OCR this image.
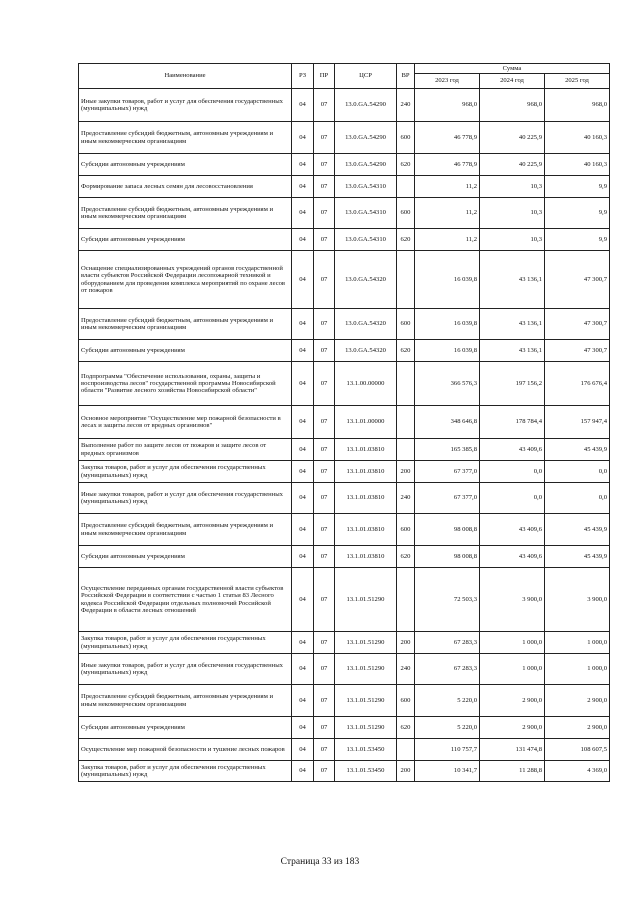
Наименование	РЗ	ПР	ЦСР	ВР	Сумма		
					2023 год	2024 год	2025 год
Иные закупки товаров, работ и услуг для обеспечения государственных (муниципальных) нужд	04	07	13.0.GA.54290	240	968,0	968,0	968,0
Предоставление субсидий бюджетным, автономным учреждениям и иным некоммерческим организациям	04	07	13.0.GA.54290	600	46 778,9	40 225,9	40 160,3
Субсидии автономным учреждениям	04	07	13.0.GA.54290	620	46 778,9	40 225,9	40 160,3
Формирование запаса лесных семян для лесовосстановления	04	07	13.0.GA.54310		11,2	10,3	9,9
Предоставление субсидий бюджетным, автономным учреждениям и иным некоммерческим организациям	04	07	13.0.GA.54310	600	11,2	10,3	9,9
Субсидии автономным учреждениям	04	07	13.0.GA.54310	620	11,2	10,3	9,9
Оснащение специализированных учреждений органов государственной власти субъектов Российской Федерации лесопожарной техникой и оборудованием для проведения комплекса мероприятий по охране лесов от пожаров	04	07	13.0.GA.54320		16 039,8	43 136,1	47 300,7
Предоставление субсидий бюджетным, автономным учреждениям и иным некоммерческим организациям	04	07	13.0.GA.54320	600	16 039,8	43 136,1	47 300,7
Субсидии автономным учреждениям	04	07	13.0.GA.54320	620	16 039,8	43 136,1	47 300,7
Подпрограмма "Обеспечение использования, охраны, защиты и воспроизводства лесов" государственной программы Новосибирской области "Развитие лесного хозяйства Новосибирской области"	04	07	13.1.00.00000		366 576,3	197 156,2	176 676,4
Основное мероприятие "Осуществление мер пожарной безопасности в лесах и защиты лесов от вредных организмов"	04	07	13.1.01.00000		348 646,8	178 784,4	157 947,4
Выполнение работ по защите лесов от пожаров и защите лесов от вредных организмов	04	07	13.1.01.03810		165 385,8	43 409,6	45 439,9
Закупка товаров, работ и услуг для обеспечения государственных (муниципальных) нужд	04	07	13.1.01.03810	200	67 377,0	0,0	0,0
Иные закупки товаров, работ и услуг для обеспечения государственных (муниципальных) нужд	04	07	13.1.01.03810	240	67 377,0	0,0	0,0
Предоставление субсидий бюджетным, автономным учреждениям и иным некоммерческим организациям	04	07	13.1.01.03810	600	98 008,8	43 409,6	45 439,9
Субсидии автономным учреждениям	04	07	13.1.01.03810	620	98 008,8	43 409,6	45 439,9
Осуществление переданных органам государственной власти субъектов Российской Федерации в соответствии с частью 1 статьи 83 Лесного кодекса Российской Федерации отдельных полномочий Российской Федерации в области лесных отношений	04	07	13.1.01.51290		72 503,3	3 900,0	3 900,0
Закупка товаров, работ и услуг для обеспечения государственных (муниципальных) нужд	04	07	13.1.01.51290	200	67 283,3	1 000,0	1 000,0
Иные закупки товаров, работ и услуг для обеспечения государственных (муниципальных) нужд	04	07	13.1.01.51290	240	67 283,3	1 000,0	1 000,0
Предоставление субсидий бюджетным, автономным учреждениям и иным некоммерческим организациям	04	07	13.1.01.51290	600	5 220,0	2 900,0	2 900,0
Субсидии автономным учреждениям	04	07	13.1.01.51290	620	5 220,0	2 900,0	2 900,0
Осуществление мер пожарной безопасности и тушение лесных пожаров	04	07	13.1.01.53450		110 757,7	131 474,8	108 607,5
Закупка товаров, работ и услуг для обеспечения государственных (муниципальных) нужд	04	07	13.1.01.53450	200	10 341,7	11 288,8	4 369,0
Страница 33 из 183
